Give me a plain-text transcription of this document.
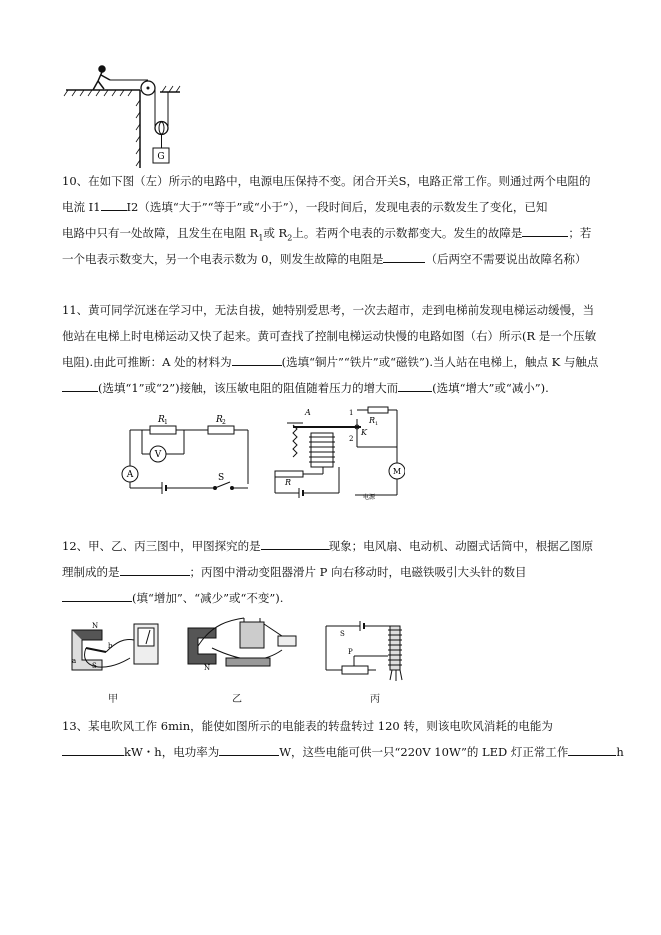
G
10、在如下图（左）所示的电路中，电源电压保持不变。闭合开关S，电路正常工作。则通过两个电阻的
电流 I1 I2（选填“大于”“等于”或“小于”），一段时间后，发现电表的示数发生了变化，已知
电路中只有一处故障，且发生在电阻 $R_1$或 $R_2$上。若两个电表的示数都变大。发生的故障是	；若
一个电表示数变大，另一个电表示数为 0，则发生故障的电阻是	（后两空不需要说出故障名称）
11、黄可同学沉迷在学习中，无法自拔，她特别爱思考，一次去超市，走到电梯前发现电梯运动缓慢，当
他站在电梯上时电梯运动又快了起来。黄可查找了控制电梯运动快慢的电路如图（右）所示(R 是一个压敏
电阻).由此可推断：A 处的材料为	(选填“铜片”“铁片”或“磁铁”).当人站在电梯上，触点 K 与触点
(选填“1”或“2”)接触，该压敏电阻的阻值随着压力的增大而	(选填“增大”或“减小”).
R 1	R 2
V
A	S
A
R 1
K
1
2
R
M
电源
12、甲、乙、丙三图中，甲图探究的是	现象；电风扇、电动机、动圈式话筒中，根据乙图原
理制成的是	；丙图中滑动变阻器滑片 P 向右移动时，电磁铁吸引大头针的数目
(填“增加”、“减少”或“不变”).
N
S
a
b
甲
N
乙
S
P
丙
13、某电吹风工作 6min，能使如图所示的电能表的转盘转过 120 转，则该电吹风消耗的电能为
kW・h，电功率为	W，这些电能可供一只“220V 10W”的 LED 灯正常工作	h
